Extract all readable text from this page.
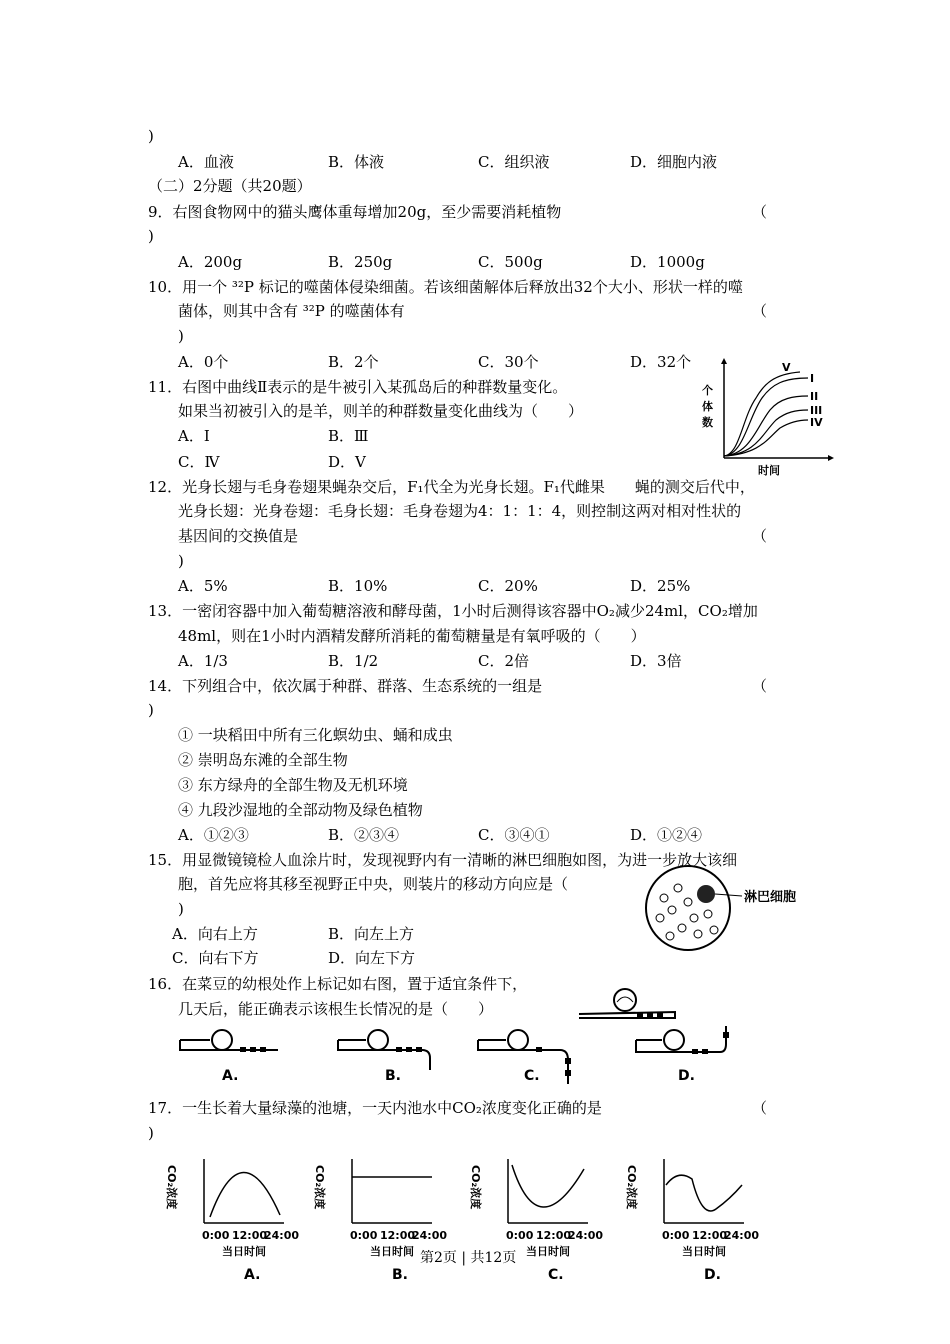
)
A．血液	B．体液	C．组织液	D．细胞内液
（二）2分题（共20题）
9．右图食物网中的猫头鹰体重每增加20g，至少需要消耗植物	（
)
A．200g	B．250g	C．500g	D．1000g
10．用一个 ³²P 标记的噬菌体侵染细菌。若该细菌解体后释放出32个大小、形状一样的噬
菌体，则其中含有 ³²P 的噬菌体有	（
)
A．0个	B．2个	C．30个	D．32个
11．右图中曲线Ⅱ表示的是牛被引入某孤岛后的种群数量变化。
如果当初被引入的是羊，则羊的种群数量变化曲线为（　　）
A．Ⅰ	B．Ⅲ
C．Ⅳ	D．Ⅴ
个
体
数
时间
V
I
II
III
IV
12．光身长翅与毛身卷翅果蝇杂交后，F₁代全为光身长翅。F₁代雌果　　蝇的测交后代中，
光身长翅：光身卷翅：毛身长翅：毛身卷翅为4：1：1：4，则控制这两对相对性状的
基因间的交换值是	（
)
A．5%	B．10%	C．20%	D．25%
13．一密闭容器中加入葡萄糖溶液和酵母菌，1小时后测得该容器中O₂减少24ml，CO₂增加
48ml，则在1小时内酒精发酵所消耗的葡萄糖量是有氧呼吸的（　　）
A．1/3	B．1/2	C．2倍	D．3倍
14．下列组合中，依次属于种群、群落、生态系统的一组是	（
)
① 一块稻田中所有三化螟幼虫、蛹和成虫
② 崇明岛东滩的全部生物
③ 东方绿舟的全部生物及无机环境
④ 九段沙湿地的全部动物及绿色植物
A．①②③	B．②③④	C．③④①	D．①②④
15．用显微镜镜检人血涂片时，发现视野内有一清晰的淋巴细胞如图，为进一步放大该细
胞，首先应将其移至视野正中央，则装片的移动方向应是（
)
A．向右上方	B．向左上方
C．向右下方	D．向左下方
淋巴细胞
16．在菜豆的幼根处作上标记如右图，置于适宜条件下，
几天后，能正确表示该根生长情况的是（　　）
A.	B.	C.	D.
17．一生长着大量绿藻的池塘，一天内池水中CO₂浓度变化正确的是	（
)
CO₂浓度
0:00 12:00
24:00
当日时间
A.
CO₂浓度
0:00 12:00
24:00
当日时间
B.
CO₂浓度
0:00 12:00
24:00
当日时间
C.
CO₂浓度
0:00 12:00
24:00
当日时间
D.
第2页 | 共12页
